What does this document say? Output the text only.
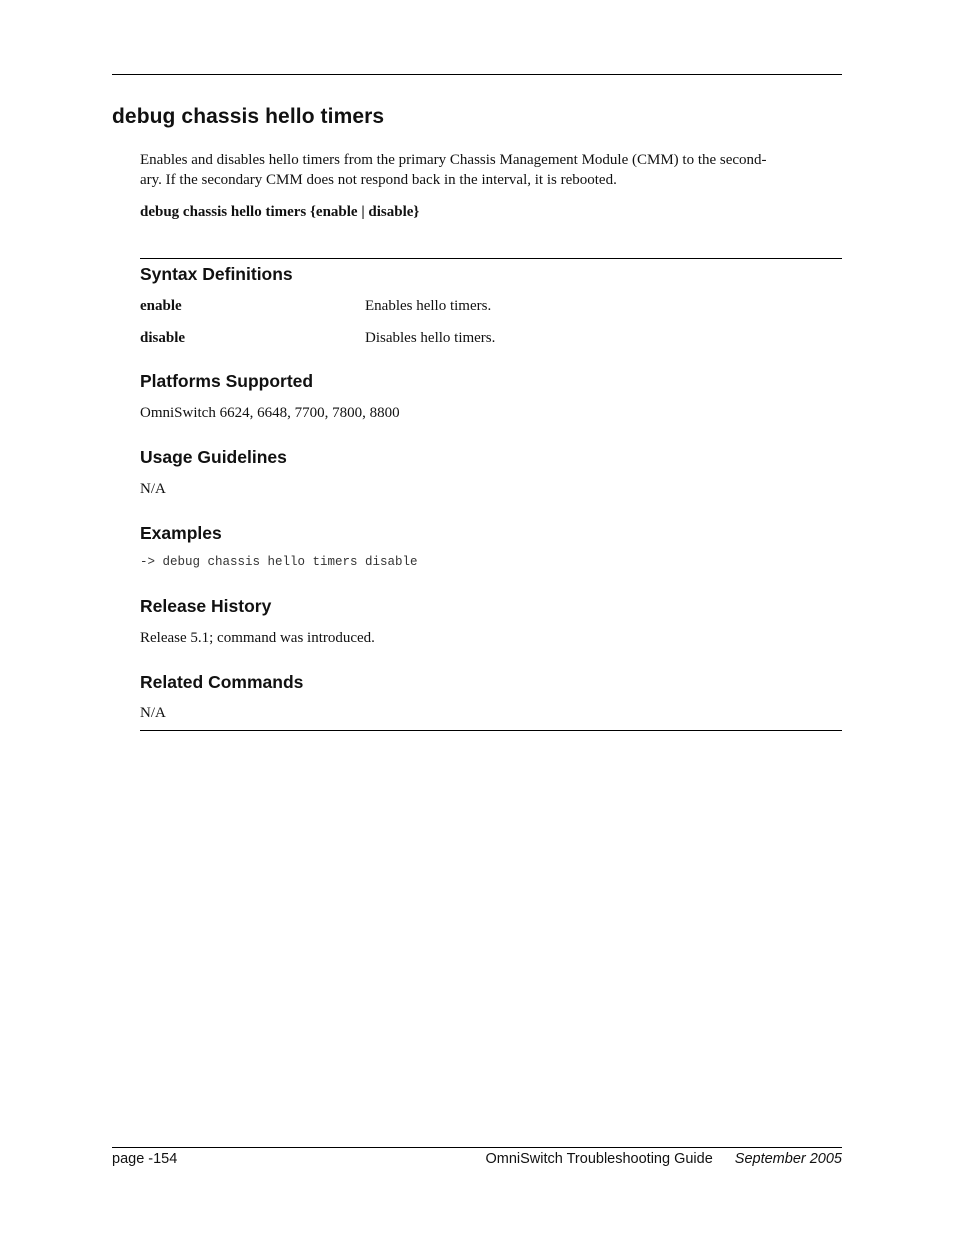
debug chassis hello timers
Enables and disables hello timers from the primary Chassis Management Module (CMM) to the second-
ary. If the secondary CMM does not respond back in the interval, it is rebooted.
debug chassis hello timers {enable | disable}
Syntax Definitions
enable	Enables hello timers.
disable	Disables hello timers.
Platforms Supported
OmniSwitch 6624, 6648, 7700, 7800, 8800
Usage Guidelines
N/A
Examples
-> debug chassis hello timers disable
Release History
Release 5.1; command was introduced.
Related Commands
N/A
page -154	OmniSwitch Troubleshooting Guide September 2005
